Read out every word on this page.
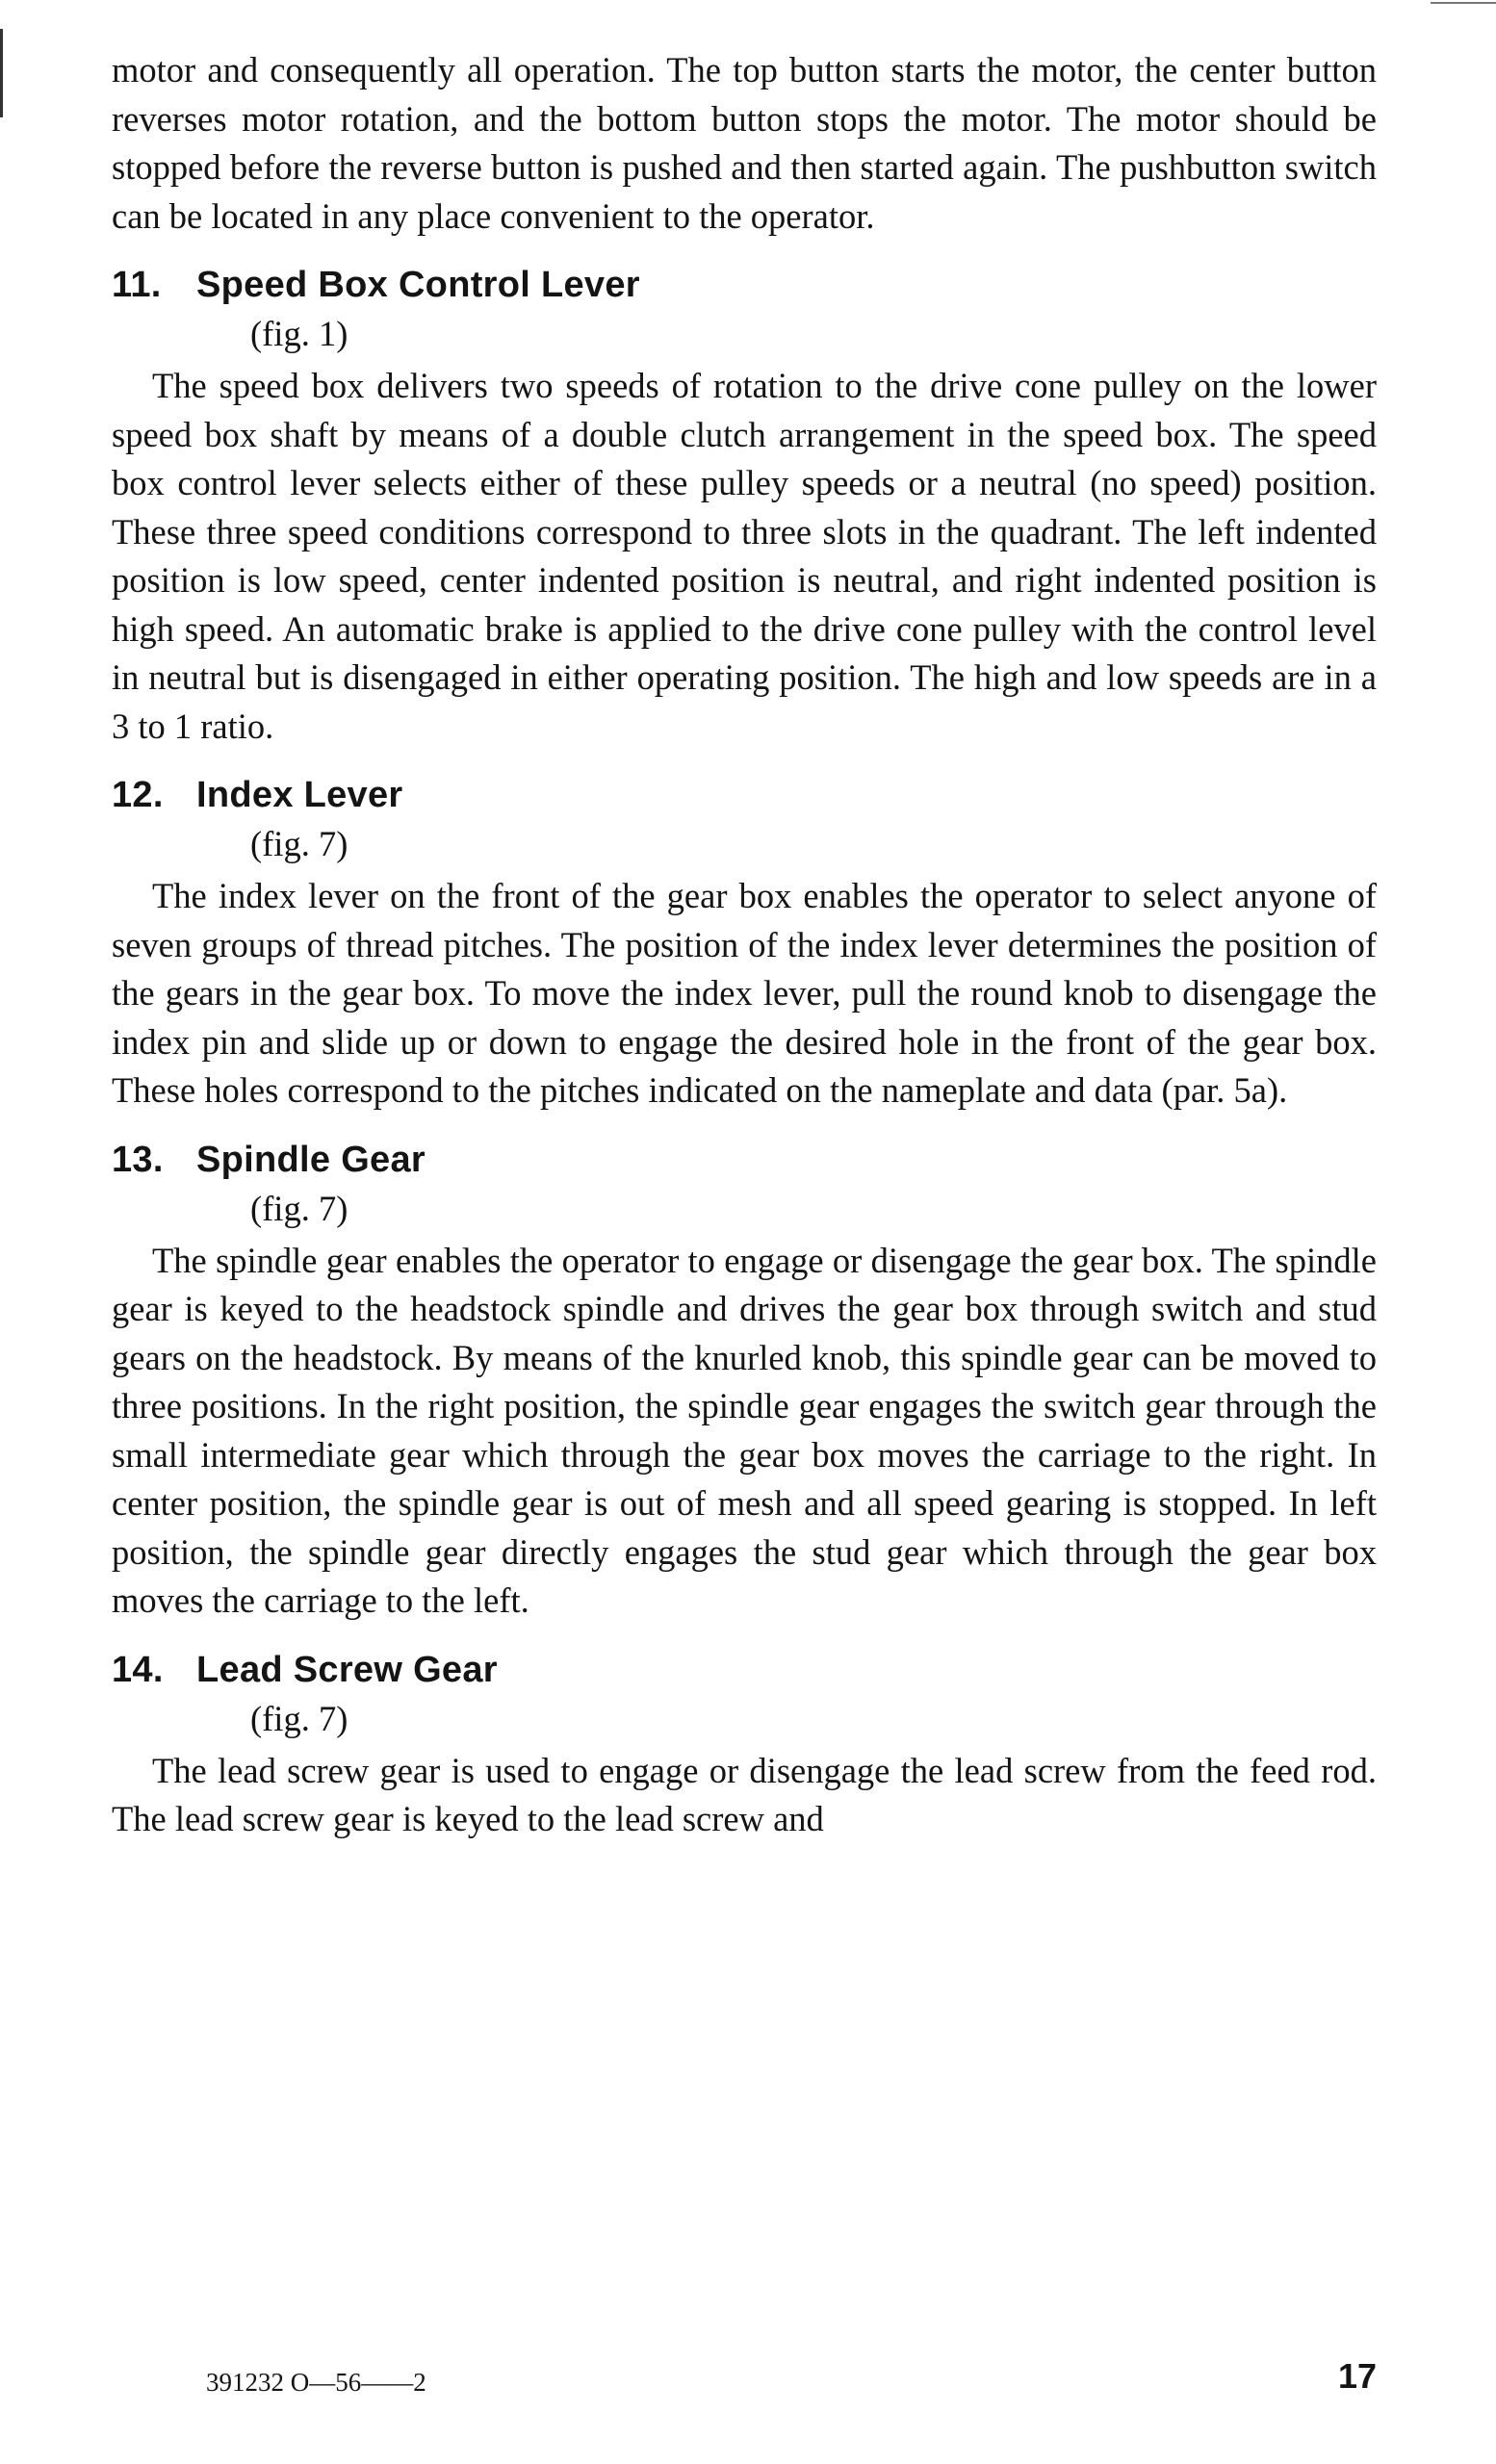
motor and consequently all operation. The top button starts the motor, the center button reverses motor rotation, and the bottom button stops the motor. The motor should be stopped before the reverse button is pushed and then started again. The pushbutton switch can be located in any place convenient to the operator.

11. Speed Box Control Lever

(fig. 1)

The speed box delivers two speeds of rotation to the drive cone pulley on the lower speed box shaft by means of a double clutch arrangement in the speed box. The speed box control lever selects either of these pulley speeds or a neutral (no speed) position. These three speed conditions correspond to three slots in the quadrant. The left indented position is low speed, center indented position is neutral, and right indented position is high speed. An automatic brake is applied to the drive cone pulley with the control level in neutral but is disengaged in either operating position. The high and low speeds are in a 3 to 1 ratio.

12. Index Lever

(fig. 7)

The index lever on the front of the gear box enables the operator to select anyone of seven groups of thread pitches. The position of the index lever determines the position of the gears in the gear box. To move the index lever, pull the round knob to disengage the index pin and slide up or down to engage the desired hole in the front of the gear box. These holes correspond to the pitches indicated on the nameplate and data (par. 5a).

13. Spindle Gear

(fig. 7)

The spindle gear enables the operator to engage or disengage the gear box. The spindle gear is keyed to the headstock spindle and drives the gear box through switch and stud gears on the headstock. By means of the knurled knob, this spindle gear can be moved to three positions. In the right position, the spindle gear engages the switch gear through the small intermediate gear which through the gear box moves the carriage to the right. In center position, the spindle gear is out of mesh and all speed gearing is stopped. In left position, the spindle gear directly engages the stud gear which through the gear box moves the carriage to the left.

14. Lead Screw Gear

(fig. 7)

The lead screw gear is used to engage or disengage the lead screw from the feed rod. The lead screw gear is keyed to the lead screw and

391232 O—56——2	17
